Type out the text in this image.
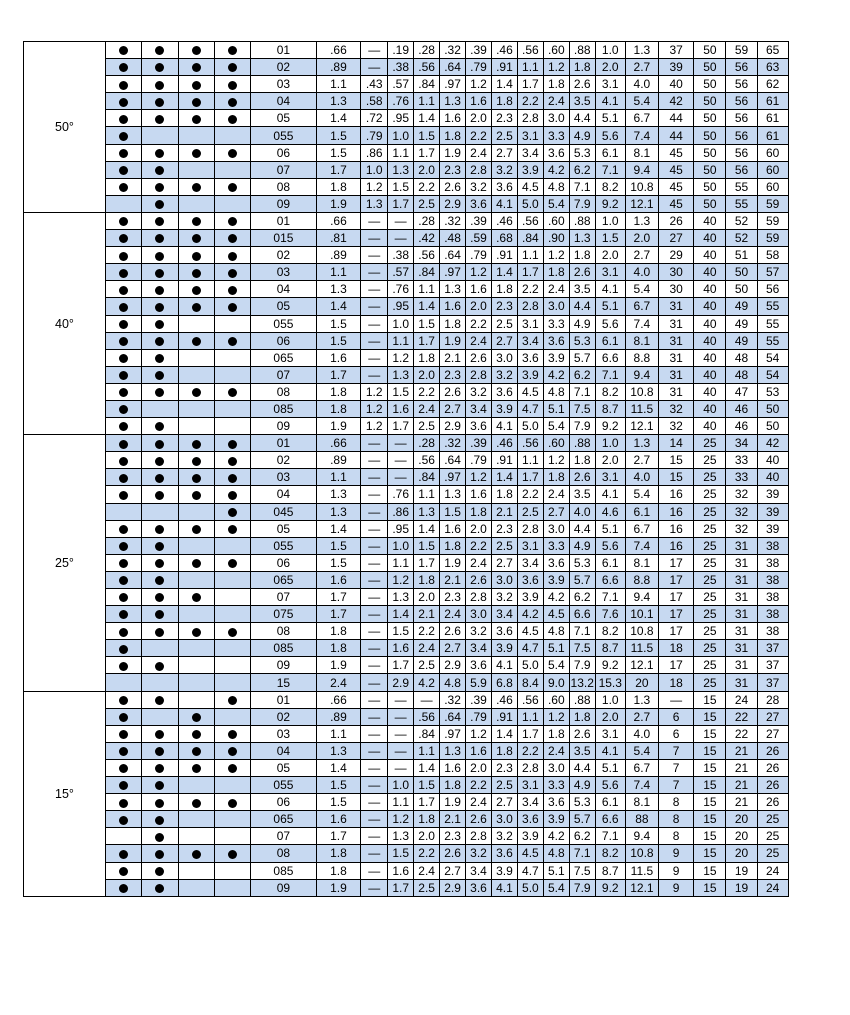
50°					01	.66	—	.19	.28	.32	.39	.46	.56	.60	.88	1.0	1.3	37	50	59	65
					02	.89	—	.38	.56	.64	.79	.91	1.1	1.2	1.8	2.0	2.7	39	50	56	63
					03	1.1	.43	.57	.84	.97	1.2	1.4	1.7	1.8	2.6	3.1	4.0	40	50	56	62
					04	1.3	.58	.76	1.1	1.3	1.6	1.8	2.2	2.4	3.5	4.1	5.4	42	50	56	61
					05	1.4	.72	.95	1.4	1.6	2.0	2.3	2.8	3.0	4.4	5.1	6.7	44	50	56	61
					055	1.5	.79	1.0	1.5	1.8	2.2	2.5	3.1	3.3	4.9	5.6	7.4	44	50	56	61
					06	1.5	.86	1.1	1.7	1.9	2.4	2.7	3.4	3.6	5.3	6.1	8.1	45	50	56	60
					07	1.7	1.0	1.3	2.0	2.3	2.8	3.2	3.9	4.2	6.2	7.1	9.4	45	50	56	60
					08	1.8	1.2	1.5	2.2	2.6	3.2	3.6	4.5	4.8	7.1	8.2	10.8	45	50	55	60
					09	1.9	1.3	1.7	2.5	2.9	3.6	4.1	5.0	5.4	7.9	9.2	12.1	45	50	55	59
40°					01	.66	—	—	.28	.32	.39	.46	.56	.60	.88	1.0	1.3	26	40	52	59
					015	.81	—	—	.42	.48	.59	.68	.84	.90	1.3	1.5	2.0	27	40	52	59
					02	.89	—	.38	.56	.64	.79	.91	1.1	1.2	1.8	2.0	2.7	29	40	51	58
					03	1.1	—	.57	.84	.97	1.2	1.4	1.7	1.8	2.6	3.1	4.0	30	40	50	57
					04	1.3	—	.76	1.1	1.3	1.6	1.8	2.2	2.4	3.5	4.1	5.4	30	40	50	56
					05	1.4	—	.95	1.4	1.6	2.0	2.3	2.8	3.0	4.4	5.1	6.7	31	40	49	55
					055	1.5	—	1.0	1.5	1.8	2.2	2.5	3.1	3.3	4.9	5.6	7.4	31	40	49	55
					06	1.5	—	1.1	1.7	1.9	2.4	2.7	3.4	3.6	5.3	6.1	8.1	31	40	49	55
					065	1.6	—	1.2	1.8	2.1	2.6	3.0	3.6	3.9	5.7	6.6	8.8	31	40	48	54
					07	1.7	—	1.3	2.0	2.3	2.8	3.2	3.9	4.2	6.2	7.1	9.4	31	40	48	54
					08	1.8	1.2	1.5	2.2	2.6	3.2	3.6	4.5	4.8	7.1	8.2	10.8	31	40	47	53
					085	1.8	1.2	1.6	2.4	2.7	3.4	3.9	4.7	5.1	7.5	8.7	11.5	32	40	46	50
					09	1.9	1.2	1.7	2.5	2.9	3.6	4.1	5.0	5.4	7.9	9.2	12.1	32	40	46	50
25°					01	.66	—	—	.28	.32	.39	.46	.56	.60	.88	1.0	1.3	14	25	34	42
					02	.89	—	—	.56	.64	.79	.91	1.1	1.2	1.8	2.0	2.7	15	25	33	40
					03	1.1	—	—	.84	.97	1.2	1.4	1.7	1.8	2.6	3.1	4.0	15	25	33	40
					04	1.3	—	.76	1.1	1.3	1.6	1.8	2.2	2.4	3.5	4.1	5.4	16	25	32	39
					045	1.3	—	.86	1.3	1.5	1.8	2.1	2.5	2.7	4.0	4.6	6.1	16	25	32	39
					05	1.4	—	.95	1.4	1.6	2.0	2.3	2.8	3.0	4.4	5.1	6.7	16	25	32	39
					055	1.5	—	1.0	1.5	1.8	2.2	2.5	3.1	3.3	4.9	5.6	7.4	16	25	31	38
					06	1.5	—	1.1	1.7	1.9	2.4	2.7	3.4	3.6	5.3	6.1	8.1	17	25	31	38
					065	1.6	—	1.2	1.8	2.1	2.6	3.0	3.6	3.9	5.7	6.6	8.8	17	25	31	38
					07	1.7	—	1.3	2.0	2.3	2.8	3.2	3.9	4.2	6.2	7.1	9.4	17	25	31	38
					075	1.7	—	1.4	2.1	2.4	3.0	3.4	4.2	4.5	6.6	7.6	10.1	17	25	31	38
					08	1.8	—	1.5	2.2	2.6	3.2	3.6	4.5	4.8	7.1	8.2	10.8	17	25	31	38
					085	1.8	—	1.6	2.4	2.7	3.4	3.9	4.7	5.1	7.5	8.7	11.5	18	25	31	37
					09	1.9	—	1.7	2.5	2.9	3.6	4.1	5.0	5.4	7.9	9.2	12.1	17	25	31	37
					15	2.4	—	2.9	4.2	4.8	5.9	6.8	8.4	9.0	13.2	15.3	20	18	25	31	37
15°					01	.66	—	—	—	.32	.39	.46	.56	.60	.88	1.0	1.3	—	15	24	28
					02	.89	—	—	.56	.64	.79	.91	1.1	1.2	1.8	2.0	2.7	6	15	22	27
					03	1.1	—	—	.84	.97	1.2	1.4	1.7	1.8	2.6	3.1	4.0	6	15	22	27
					04	1.3	—	—	1.1	1.3	1.6	1.8	2.2	2.4	3.5	4.1	5.4	7	15	21	26
					05	1.4	—	—	1.4	1.6	2.0	2.3	2.8	3.0	4.4	5.1	6.7	7	15	21	26
					055	1.5	—	1.0	1.5	1.8	2.2	2.5	3.1	3.3	4.9	5.6	7.4	7	15	21	26
					06	1.5	—	1.1	1.7	1.9	2.4	2.7	3.4	3.6	5.3	6.1	8.1	8	15	21	26
					065	1.6	—	1.2	1.8	2.1	2.6	3.0	3.6	3.9	5.7	6.6	88	8	15	20	25
					07	1.7	—	1.3	2.0	2.3	2.8	3.2	3.9	4.2	6.2	7.1	9.4	8	15	20	25
					08	1.8	—	1.5	2.2	2.6	3.2	3.6	4.5	4.8	7.1	8.2	10.8	9	15	20	25
					085	1.8	—	1.6	2.4	2.7	3.4	3.9	4.7	5.1	7.5	8.7	11.5	9	15	19	24
					09	1.9	—	1.7	2.5	2.9	3.6	4.1	5.0	5.4	7.9	9.2	12.1	9	15	19	24
